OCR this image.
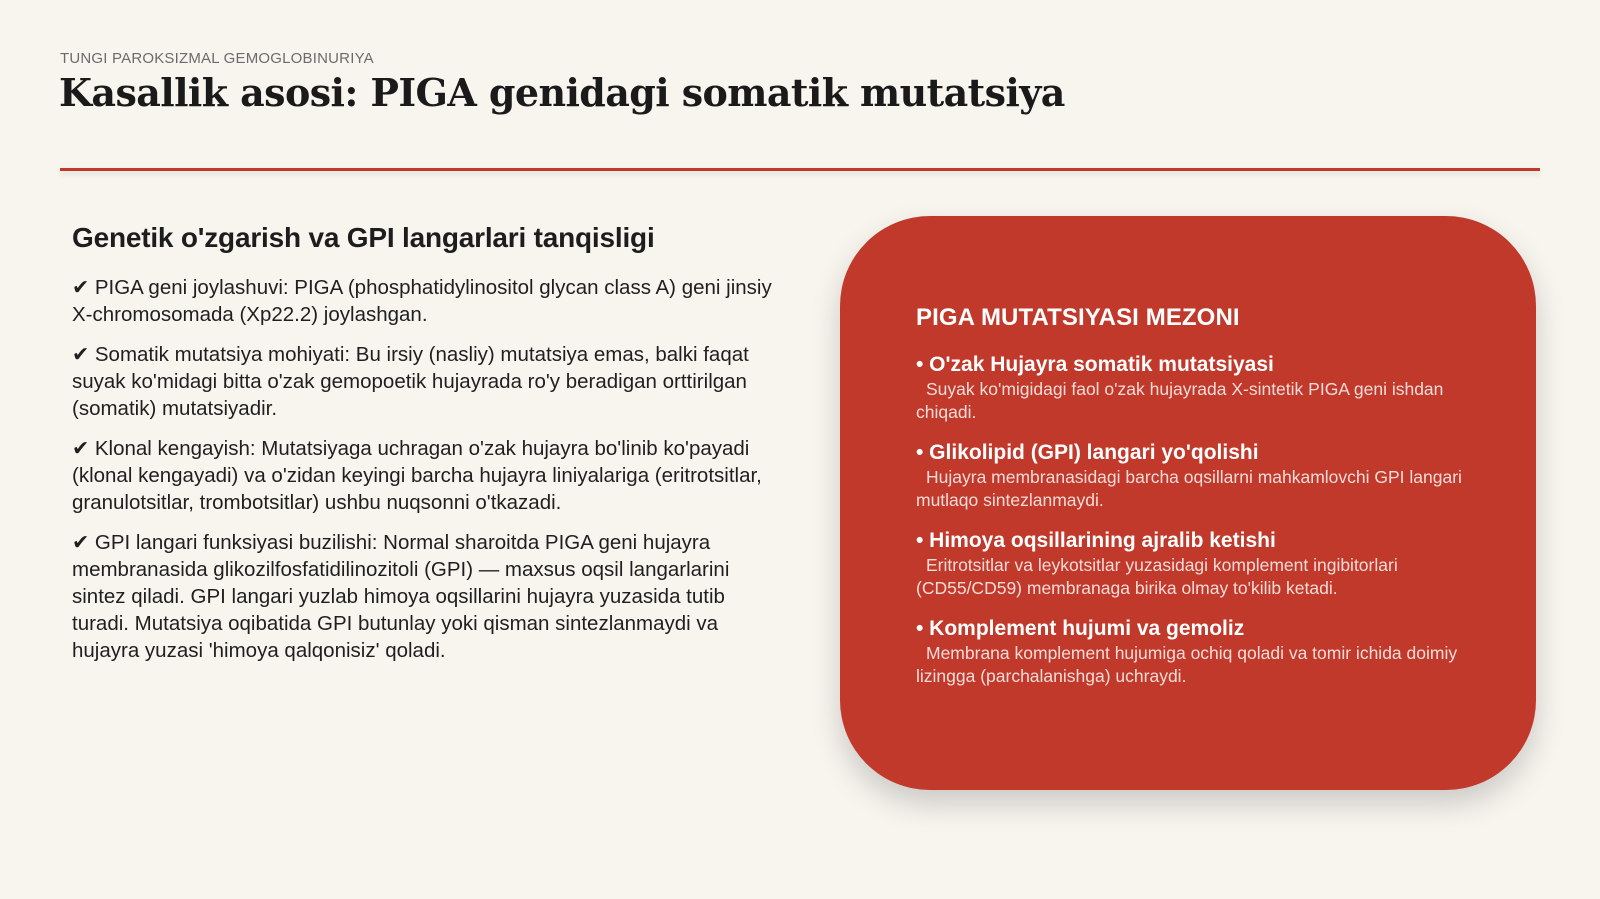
TUNGI PAROKSIZMAL GEMOGLOBINURIYA
Kasallik asosi: PIGA genidagi somatik mutatsiya
Genetik o'zgarish va GPI langarlari tanqisligi

✔ PIGA geni joylashuvi: PIGA (phosphatidylinositol glycan class A) geni jinsiy X-chromosomada (Xp22.2) joylashgan.

✔ Somatik mutatsiya mohiyati: Bu irsiy (nasliy) mutatsiya emas, balki faqat suyak ko'midagi bitta o'zak gemopoetik hujayrada ro'y beradigan orttirilgan (somatik) mutatsiyadir.

✔ Klonal kengayish: Mutatsiyaga uchragan o'zak hujayra bo'linib ko'payadi (klonal kengayadi) va o'zidan keyingi barcha hujayra liniyalariga (eritrotsitlar, granulotsitlar, trombotsitlar) ushbu nuqsonni o'tkazadi.

✔ GPI langari funksiyasi buzilishi: Normal sharoitda PIGA geni hujayra membranasida glikozilfosfatidilinozitoli (GPI) — maxsus oqsil langarlarini sintez qiladi. GPI langari yuzlab himoya oqsillarini hujayra yuzasida tutib turadi. Mutatsiya oqibatida GPI butunlay yoki qisman sintezlanmaydi va hujayra yuzasi 'himoya qalqonisiz' qoladi.

PIGA MUTATSIYASI MEZONI
• O'zak Hujayra somatik mutatsiyasi
Suyak ko'migidagi faol o'zak hujayrada X-sintetik PIGA geni ishdan chiqadi.
• Glikolipid (GPI) langari yo'qolishi
Hujayra membranasidagi barcha oqsillarni mahkamlovchi GPI langari mutlaqo sintezlanmaydi.
• Himoya oqsillarining ajralib ketishi
Eritrotsitlar va leykotsitlar yuzasidagi komplement ingibitorlari (CD55/CD59) membranaga birika olmay to'kilib ketadi.
• Komplement hujumi va gemoliz
Membrana komplement hujumiga ochiq qoladi va tomir ichida doimiy lizingga (parchalanishga) uchraydi.
